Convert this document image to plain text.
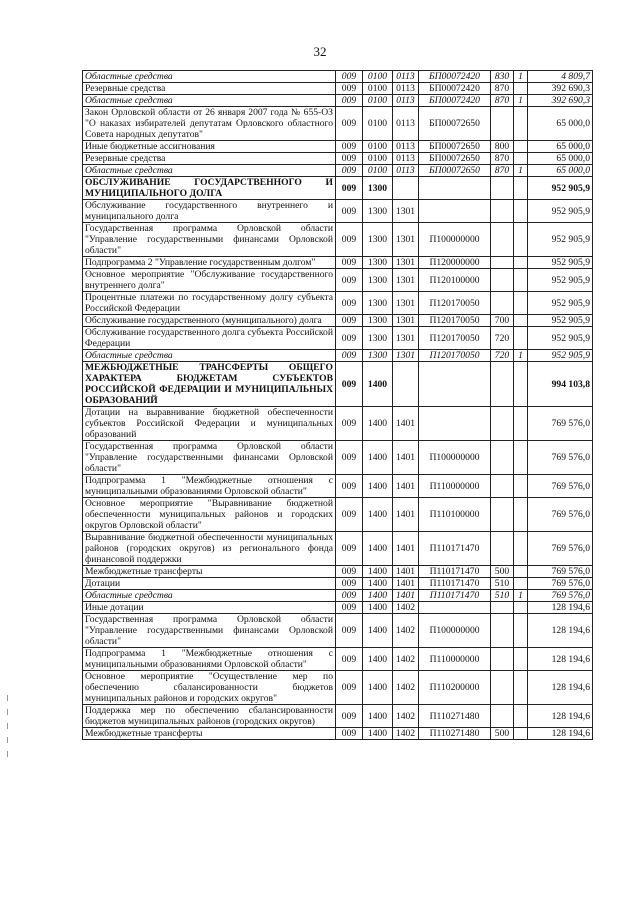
32
Областные средства	009	0100	0113	БП00072420	830	1	4 809,7
Резервные средства	009	0100	0113	БП00072420	870		392 690,3
Областные средства	009	0100	0113	БП00072420	870	1	392 690,3
Закон Орловской области от 26 января 2007 года № 655-ОЗ "О наказах избирателей депутатам Орловского областного Совета народных депутатов"	009	0100	0113	БП00072650			65 000,0
Иные бюджетные ассигнования	009	0100	0113	БП00072650	800		65 000,0
Резервные средства	009	0100	0113	БП00072650	870		65 000,0
Областные средства	009	0100	0113	БП00072650	870	1	65 000,0
ОБСЛУЖИВАНИЕ ГОСУДАРСТВЕННОГО И МУНИЦИПАЛЬНОГО ДОЛГА	009	1300					952 905,9
Обслуживание государственного внутреннего и муниципального долга	009	1300	1301				952 905,9
Государственная программа Орловской области "Управление государственными финансами Орловской области"	009	1300	1301	П100000000			952 905,9
Подпрограмма 2 "Управление государственным долгом"	009	1300	1301	П120000000			952 905,9
Основное мероприятие "Обслуживание государственного внутреннего долга"	009	1300	1301	П120100000			952 905,9
Процентные платежи по государственному долгу субъекта Российской Федерации	009	1300	1301	П120170050			952 905,9
Обслуживание государственного (муниципального) долга	009	1300	1301	П120170050	700		952 905,9
Обслуживание государственного долга субъекта Российской Федерации	009	1300	1301	П120170050	720		952 905,9
Областные средства	009	1300	1301	П120170050	720	1	952 905,9
МЕЖБЮДЖЕТНЫЕ ТРАНСФЕРТЫ ОБЩЕГО ХАРАКТЕРА БЮДЖЕТАМ СУБЪЕКТОВ РОССИЙСКОЙ ФЕДЕРАЦИИ И МУНИЦИПАЛЬНЫХ ОБРАЗОВАНИЙ	009	1400					994 103,8
Дотации на выравнивание бюджетной обеспеченности субъектов Российской Федерации и муниципальных образований	009	1400	1401				769 576,0
Государственная программа Орловской области "Управление государственными финансами Орловской области"	009	1400	1401	П100000000			769 576,0
Подпрограмма 1 "Межбюджетные отношения с муниципальными образованиями Орловской области"	009	1400	1401	П110000000			769 576,0
Основное мероприятие "Выравнивание бюджетной обеспеченности муниципальных районов и городских округов Орловской области"	009	1400	1401	П110100000			769 576,0
Выравнивание бюджетной обеспеченности муниципальных районов (городских округов) из регионального фонда финансовой поддержки	009	1400	1401	П110171470			769 576,0
Межбюджетные трансферты	009	1400	1401	П110171470	500		769 576,0
Дотации	009	1400	1401	П110171470	510		769 576,0
Областные средства	009	1400	1401	П110171470	510	1	769 576,0
Иные дотации	009	1400	1402				128 194,6
Государственная программа Орловской области "Управление государственными финансами Орловской области"	009	1400	1402	П100000000			128 194,6
Подпрограмма 1 "Межбюджетные отношения с муниципальными образованиями Орловской области"	009	1400	1402	П110000000			128 194,6
Основное мероприятие "Осуществление мер по обеспечению сбалансированности бюджетов муниципальных районов и городских округов"	009	1400	1402	П110200000			128 194,6
Поддержка мер по обеспечению сбалансированности бюджетов муниципальных районов (городских округов)	009	1400	1402	П110271480			128 194,6
Межбюджетные трансферты	009	1400	1402	П110271480	500		128 194,6
